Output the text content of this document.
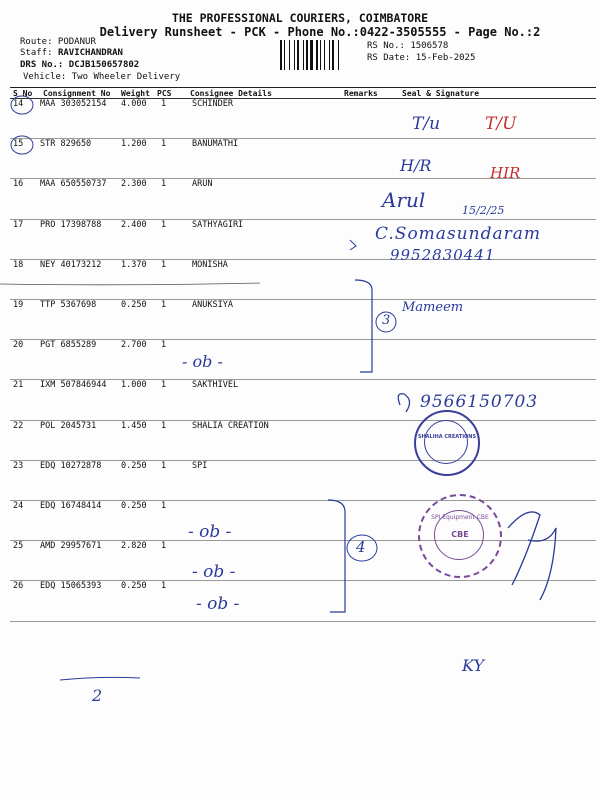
THE PROFESSIONAL COURIERS, COIMBATORE
Delivery Runsheet - PCK - Phone No.:0422-3505555 - Page No.:2
Route: PODANUR
Staff: RAVICHANDRAN
DRS No.: DCJB150657802
Vehicle: Two Wheeler Delivery
RS No.: 1506578
RS Date: 15-Feb-2025
S No Consignment No Weight PCS Consignee Details	Remarks	Seal & Signature
14 MAA 303052154 4.000 1	SCHINDER
15 STR 829650	1.200 1	BANUMATHI
16 MAA 650550737 2.300 1	ARUN
17 PRO 17398788 2.400 1	SATHYAGIRI
18 NEY 40173212 1.370 1	MONISHA
19 TTP 5367698	0.250 1	ANUKSIYA
20 PGT 6855289	2.700 1
21 IXM 507846944 1.000 1	SAKTHIVEL
22 POL 2045731	1.450 1	SHALIA CREATION
23 EDQ 10272878 0.250 1	SPI
24 EDQ 16748414 0.250 1
25 AMD 29957671 2.820 1
26 EDQ 15065393 0.250 1
T/u	T/U
H/R	HIR
Arul	15/2/25
C.Somasundaram
9952830441
3
Mameem
- ob -
9566150703
- ob -
- ob -
- ob -
4
2
KY
SHALIHA CREATIONS
SPI Equipment CBE
CBE
